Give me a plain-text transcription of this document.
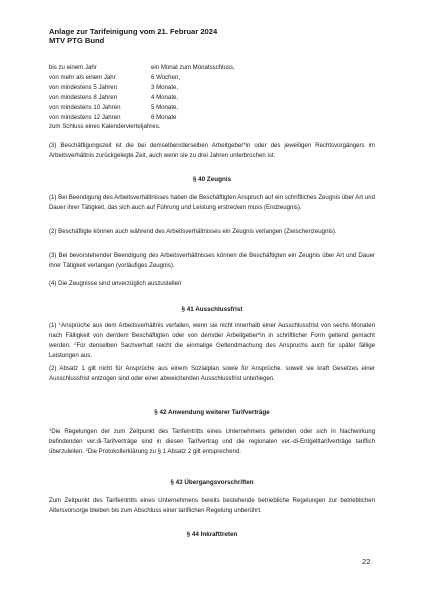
Anlage zur Tarifeinigung vom 21. Februar 2024
MTV PTG Bund
bis zu einem Jahr	ein Monat zum Monatsschluss,
von mehr als einem Jahr	6 Wochen,
von mindestens 5 Jahren	3 Monate,
von mindestens 8 Jahren	4 Monate,
von mindestens 10 Jahren	5 Monate,
von mindestens 12 Jahren	6 Monate
zum Schluss eines Kalendervierteljahres.
(3) Beschäftigungszeit ist die bei demselben/derselben Arbeitgeber*in oder des jeweiligen Rechtsvorgängers im Arbeitsverhältnis zurückgelegte Zeit, auch wenn sie zu drei Jahren unterbrochen ist.
§ 40 Zeugnis
(1) Bei Beendigung des Arbeitsverhältnisses haben die Beschäftigten Anspruch auf ein schriftliches Zeugnis über Art und Dauer ihrer Tätigkeit, das sich auch auf Führung und Leistung erstrecken muss (Endzeugnis).
(2) Beschäftigte können auch während des Arbeitsverhältnisses ein Zeugnis verlangen (Zwischenzeugnis).
(3) Bei bevorstehender Beendigung des Arbeitsverhältnisses können die Beschäftigten ein Zeugnis über Art und Dauer ihrer Tätigkeit verlangen (vorläufiges Zeugnis).
(4) Die Zeugnisse sind unverzüglich auszustellen
§ 41 Ausschlussfrist
(1) $^1$Ansprüche aus dem Arbeitsverhältnis verfallen, wenn sie nicht innerhalb einer Ausschlussfrist von sechs Monaten nach Fälligkeit von der/dem Beschäftigten oder von dem/der Arbeitgeber*in in schriftlicher Form geltend gemacht werden. $^2$Für denselben Sachverhalt reicht die einmalige Geltendmachung des Anspruchs auch für später fällige Leistungen aus.
(2) Absatz 1 gilt nicht für Ansprüche aus einem Sozialplan sowie für Ansprüche, soweit sie kraft Gesetzes einer Ausschlussfrist entzogen sind oder einer abweichenden Ausschlussfrist unterliegen.
§ 42 Anwendung weiterer Tarifverträge
$^1$Die Regelungen der zum Zeitpunkt des Tarifeintritts eines Unternehmens geltenden oder sich in Nachwirkung befindenden ver.di-Tarifverträge sind in diesen Tarifvertrag und die regionalen ver.-di-Entgelttarifverträge tariflich überzuleiten. $^2$Die Protokollerklärung zu § 1 Absatz 2 gilt entsprechend.
§ 43 Übergangsvorschriften
Zum Zeitpunkt des Tarifeintritts eines Unternehmens bereits bestehende betriebliche Regelungen zur betrieblichen Altersvorsorge bleiben bis zum Abschluss einer tariflichen Regelung unberührt.
§ 44 Inkrafttreten
22
